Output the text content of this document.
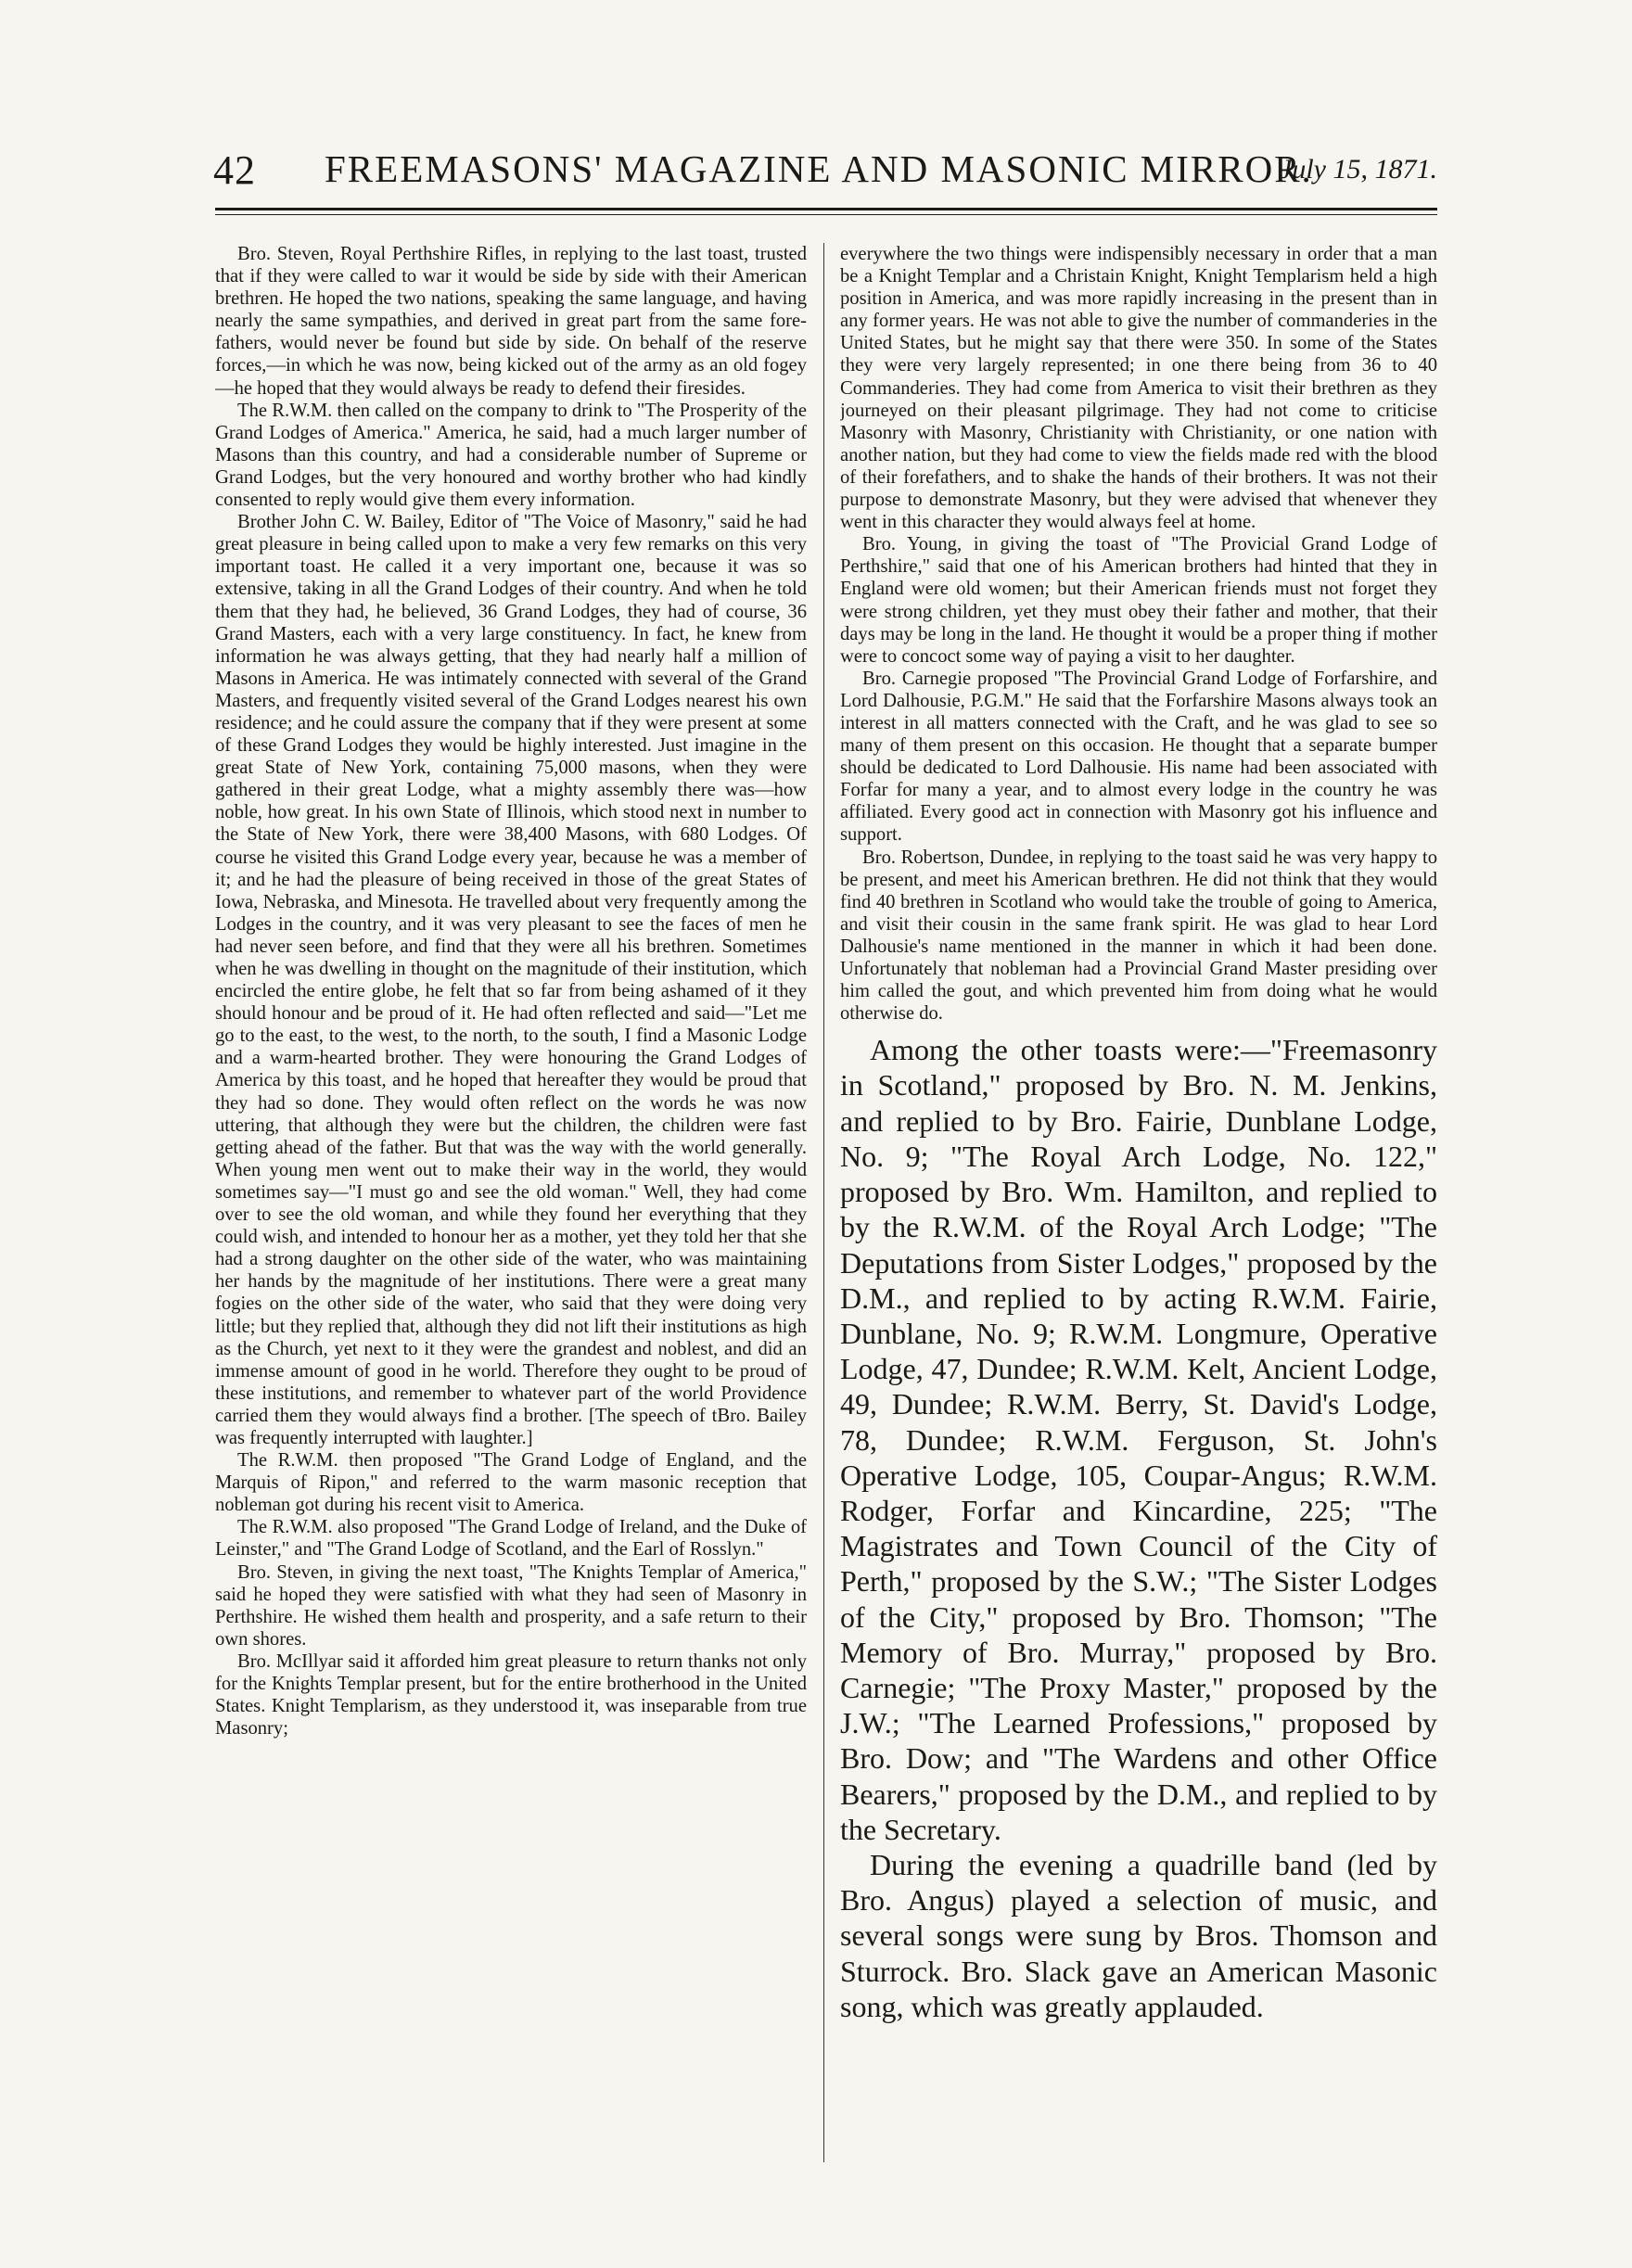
42 FREEMASONS' MAGAZINE AND MASONIC MIRROR.
July 15, 1871.

Bro. Steven, Royal Perthshire Rifles, in replying to the last toast, trusted that if they were called to war it would be side by side with their American brethren. He hoped the two nations, speaking the same language, and having nearly the same sympathies, and derived in great part from the same fore-fathers, would never be found but side by side. On behalf of the reserve forces,—in which he was now, being kicked out of the army as an old fogey—he hoped that they would always be ready to defend their firesides.

The R.W.M. then called on the company to drink to "The Prosperity of the Grand Lodges of America." America, he said, had a much larger number of Masons than this country, and had a considerable number of Supreme or Grand Lodges, but the very honoured and worthy brother who had kindly consented to reply would give them every information.

Brother John C. W. Bailey, Editor of "The Voice of Masonry," said he had great pleasure in being called upon to make a very few remarks on this very important toast. He called it a very important one, because it was so extensive, taking in all the Grand Lodges of their country. And when he told them that they had, he believed, 36 Grand Lodges, they had of course, 36 Grand Masters, each with a very large constituency. In fact, he knew from information he was always getting, that they had nearly half a million of Masons in America. He was intimately connected with several of the Grand Masters, and frequently visited several of the Grand Lodges nearest his own residence; and he could assure the company that if they were present at some of these Grand Lodges they would be highly interested. Just imagine in the great State of New York, containing 75,000 masons, when they were gathered in their great Lodge, what a mighty assembly there was—how noble, how great. In his own State of Illinois, which stood next in number to the State of New York, there were 38,400 Masons, with 680 Lodges. Of course he visited this Grand Lodge every year, because he was a member of it; and he had the pleasure of being received in those of the great States of Iowa, Nebraska, and Minesota. He travelled about very frequently among the Lodges in the country, and it was very pleasant to see the faces of men he had never seen before, and find that they were all his brethren. Sometimes when he was dwelling in thought on the magnitude of their institution, which encircled the entire globe, he felt that so far from being ashamed of it they should honour and be proud of it. He had often reflected and said—"Let me go to the east, to the west, to the north, to the south, I find a Masonic Lodge and a warm-hearted brother. They were honouring the Grand Lodges of America by this toast, and he hoped that hereafter they would be proud that they had so done. They would often reflect on the words he was now uttering, that although they were but the children, the children were fast getting ahead of the father. But that was the way with the world generally. When young men went out to make their way in the world, they would sometimes say—"I must go and see the old woman." Well, they had come over to see the old woman, and while they found her everything that they could wish, and intended to honour her as a mother, yet they told her that she had a strong daughter on the other side of the water, who was maintaining her hands by the magnitude of her institutions. There were a great many fogies on the other side of the water, who said that they were doing very little; but they replied that, although they did not lift their institutions as high as the Church, yet next to it they were the grandest and noblest, and did an immense amount of good in he world. Therefore they ought to be proud of these institutions, and remember to whatever part of the world Providence carried them they would always find a brother. [The speech of tBro. Bailey was frequently interrupted with laughter.]

The R.W.M. then proposed "The Grand Lodge of England, and the Marquis of Ripon," and referred to the warm masonic reception that nobleman got during his recent visit to America.

The R.W.M. also proposed "The Grand Lodge of Ireland, and the Duke of Leinster," and "The Grand Lodge of Scotland, and the Earl of Rosslyn."

Bro. Steven, in giving the next toast, "The Knights Templar of America," said he hoped they were satisfied with what they had seen of Masonry in Perthshire. He wished them health and prosperity, and a safe return to their own shores.

Bro. McIllyar said it afforded him great pleasure to return thanks not only for the Knights Templar present, but for the entire brotherhood in the United States. Knight Templarism, as they understood it, was inseparable from true Masonry;

everywhere the two things were indispensibly necessary in order that a man be a Knight Templar and a Christain Knight, Knight Templarism held a high position in America, and was more rapidly increasing in the present than in any former years. He was not able to give the number of commanderies in the United States, but he might say that there were 350. In some of the States they were very largely represented; in one there being from 36 to 40 Commanderies. They had come from America to visit their brethren as they journeyed on their pleasant pilgrimage. They had not come to criticise Masonry with Masonry, Christianity with Christianity, or one nation with another nation, but they had come to view the fields made red with the blood of their forefathers, and to shake the hands of their brothers. It was not their purpose to demonstrate Masonry, but they were advised that whenever they went in this character they would always feel at home.

Bro. Young, in giving the toast of "The Provicial Grand Lodge of Perthshire," said that one of his American brothers had hinted that they in England were old women; but their American friends must not forget they were strong children, yet they must obey their father and mother, that their days may be long in the land. He thought it would be a proper thing if mother were to concoct some way of paying a visit to her daughter.

Bro. Carnegie proposed "The Provincial Grand Lodge of Forfarshire, and Lord Dalhousie, P.G.M." He said that the Forfarshire Masons always took an interest in all matters connected with the Craft, and he was glad to see so many of them present on this occasion. He thought that a separate bumper should be dedicated to Lord Dalhousie. His name had been associated with Forfar for many a year, and to almost every lodge in the country he was affiliated. Every good act in connection with Masonry got his influence and support.

Bro. Robertson, Dundee, in replying to the toast said he was very happy to be present, and meet his American brethren. He did not think that they would find 40 brethren in Scotland who would take the trouble of going to America, and visit their cousin in the same frank spirit. He was glad to hear Lord Dalhousie's name mentioned in the manner in which it had been done. Unfortunately that nobleman had a Provincial Grand Master presiding over him called the gout, and which prevented him from doing what he would otherwise do.

Among the other toasts were:—"Freemasonry in Scotland," proposed by Bro. N. M. Jenkins, and replied to by Bro. Fairie, Dunblane Lodge, No. 9; "The Royal Arch Lodge, No. 122," proposed by Bro. Wm. Hamilton, and replied to by the R.W.M. of the Royal Arch Lodge; "The Deputations from Sister Lodges," proposed by the D.M., and replied to by acting R.W.M. Fairie, Dunblane, No. 9; R.W.M. Longmure, Operative Lodge, 47, Dundee; R.W.M. Kelt, Ancient Lodge, 49, Dundee; R.W.M. Berry, St. David's Lodge, 78, Dundee; R.W.M. Ferguson, St. John's Operative Lodge, 105, Coupar-Angus; R.W.M. Rodger, Forfar and Kincardine, 225; "The Magistrates and Town Council of the City of Perth," proposed by the S.W.; "The Sister Lodges of the City," proposed by Bro. Thomson; "The Memory of Bro. Murray," proposed by Bro. Carnegie; "The Proxy Master," proposed by the J.W.; "The Learned Professions," proposed by Bro. Dow; and "The Wardens and other Office Bearers," proposed by the D.M., and replied to by the Secretary.

During the evening a quadrille band (led by Bro. Angus) played a selection of music, and several songs were sung by Bros. Thomson and Sturrock. Bro. Slack gave an American Masonic song, which was greatly applauded.
